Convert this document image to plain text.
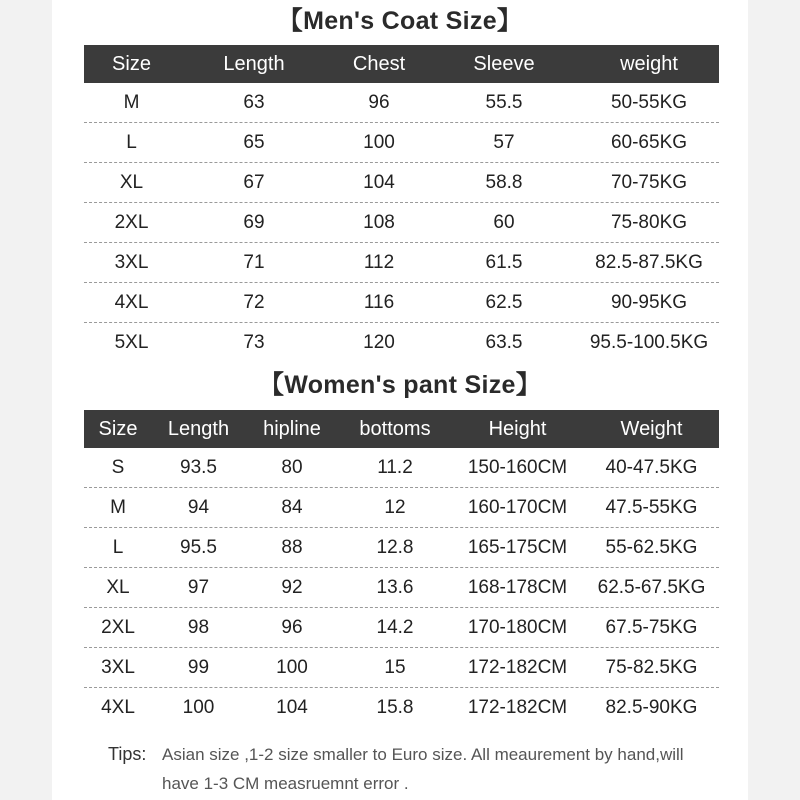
【Men's Coat Size】
Size	Length	Chest	Sleeve	weight
M	63	96	55.5	50-55KG
L	65	100	57	60-65KG
XL	67	104	58.8	70-75KG
2XL	69	108	60	75-80KG
3XL	71	112	61.5	82.5-87.5KG
4XL	72	116	62.5	90-95KG
5XL	73	120	63.5	95.5-100.5KG
【Women's pant Size】
Size	Length	hipline	bottoms	Height	Weight
S	93.5	80	11.2	150-160CM	40-47.5KG
M	94	84	12	160-170CM	47.5-55KG
L	95.5	88	12.8	165-175CM	55-62.5KG
XL	97	92	13.6	168-178CM	62.5-67.5KG
2XL	98	96	14.2	170-180CM	67.5-75KG
3XL	99	100	15	172-182CM	75-82.5KG
4XL	100	104	15.8	172-182CM	82.5-90KG
Tips: Asian size ,1-2 size smaller to Euro size. All meaurement by hand,will have 1-3 CM measruemnt error .
